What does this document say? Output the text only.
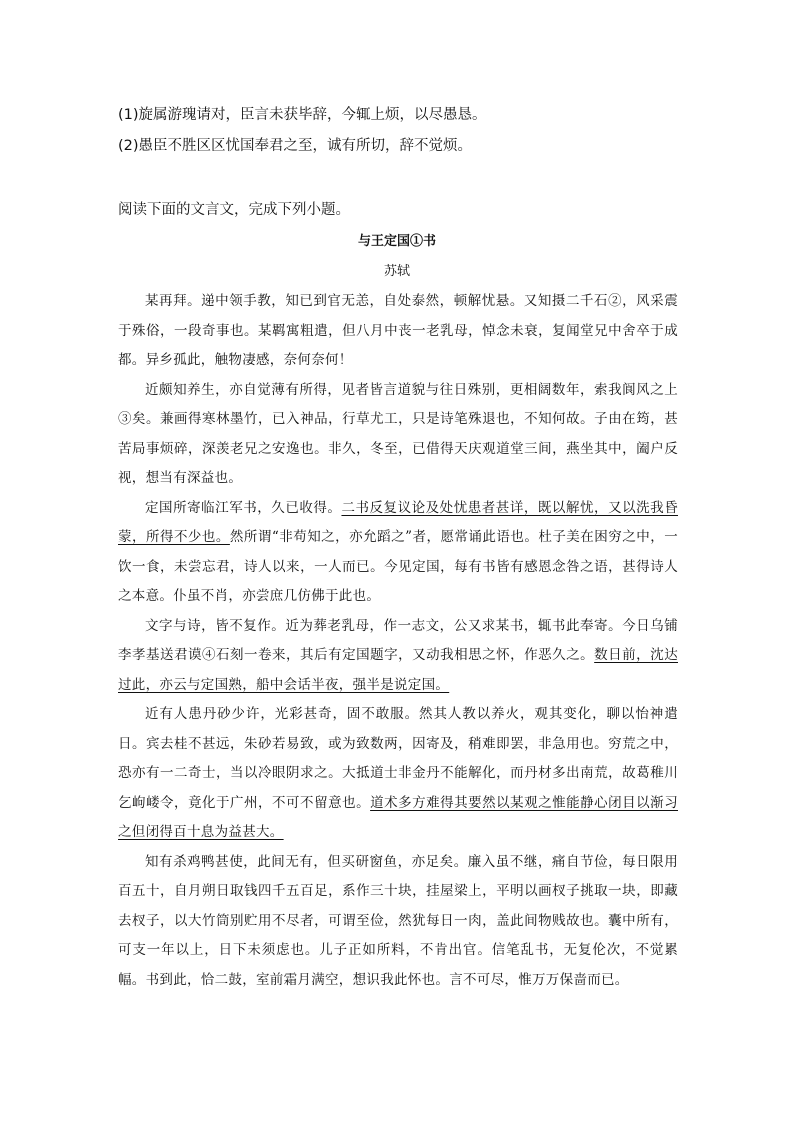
(1)旋属游瑰请对，臣言未获毕辞，今辄上烦，以尽愚恳。
(2)愚臣不胜区区忧国奉君之至，诚有所切，辞不觉烦。
阅读下面的文言文，完成下列小题。
与王定国①书
苏轼

某再拜。递中领手教，知已到官无恙，自处泰然，顿解忧悬。又知摄二千石②，风采震于殊俗，一段奇事也。某羁寓粗遣，但八月中丧一老乳母，悼念未衰，复闻堂兄中舍卒于成都。异乡孤此，触物凄感，奈何奈何！

近颇知养生，亦自觉薄有所得，见者皆言道貌与往日殊别，更相阔数年，索我阆风之上③矣。兼画得寒林墨竹，已入神品，行草尤工，只是诗笔殊退也，不知何故。子由在筠，甚苦局事烦碎，深羡老兄之安逸也。非久，冬至，已借得天庆观道堂三间，燕坐其中，阖户反视，想当有深益也。

定国所寄临江军书，久已收得。二书反复议论及处忧患者甚详，既以解忧，又以洗我昏蒙，所得不少也。然所谓“非苟知之，亦允蹈之”者，愿常诵此语也。杜子美在困穷之中，一饮一食，未尝忘君，诗人以来，一人而已。今见定国，每有书皆有感恩念咎之语，甚得诗人之本意。仆虽不肖，亦尝庶几仿佛于此也。

文字与诗，皆不复作。近为葬老乳母，作一志文，公又求某书，辄书此奉寄。今日乌铺李孝基送君谟④石刻一卷来，其后有定国题字，又动我相思之怀，作恶久之。数日前，沈达过此，亦云与定国熟，船中会话半夜，强半是说定国。

近有人患丹砂少许，光彩甚奇，固不敢服。然其人教以养火，观其变化，聊以怡神遣日。宾去桂不甚远，朱砂若易致，或为致数两，因寄及，稍难即罢，非急用也。穷荒之中，恐亦有一二奇士，当以冷眼阴求之。大抵道士非金丹不能解化，而丹材多出南荒，故葛稚川乞岣嵝令，竟化于广州，不可不留意也。道术多方难得其要然以某观之惟能静心闭目以渐习之但闭得百十息为益甚大。

知有杀鸡鸭甚使，此间无有，但买研窗鱼，亦足矣。廉入虽不继，痛自节俭，每日限用百五十，自月朔日取钱四千五百足，系作三十块，挂屋梁上，平明以画杈子挑取一块，即藏去杈子，以大竹筒别贮用不尽者，可谓至俭，然犹每日一肉，盖此间物贱故也。囊中所有，可支一年以上，日下未须虑也。儿子正如所料，不肯出官。信笔乱书，无复伦次，不觉累幅。书到此，恰二鼓，室前霜月满空，想识我此怀也。言不可尽，惟万万保啬而已。
